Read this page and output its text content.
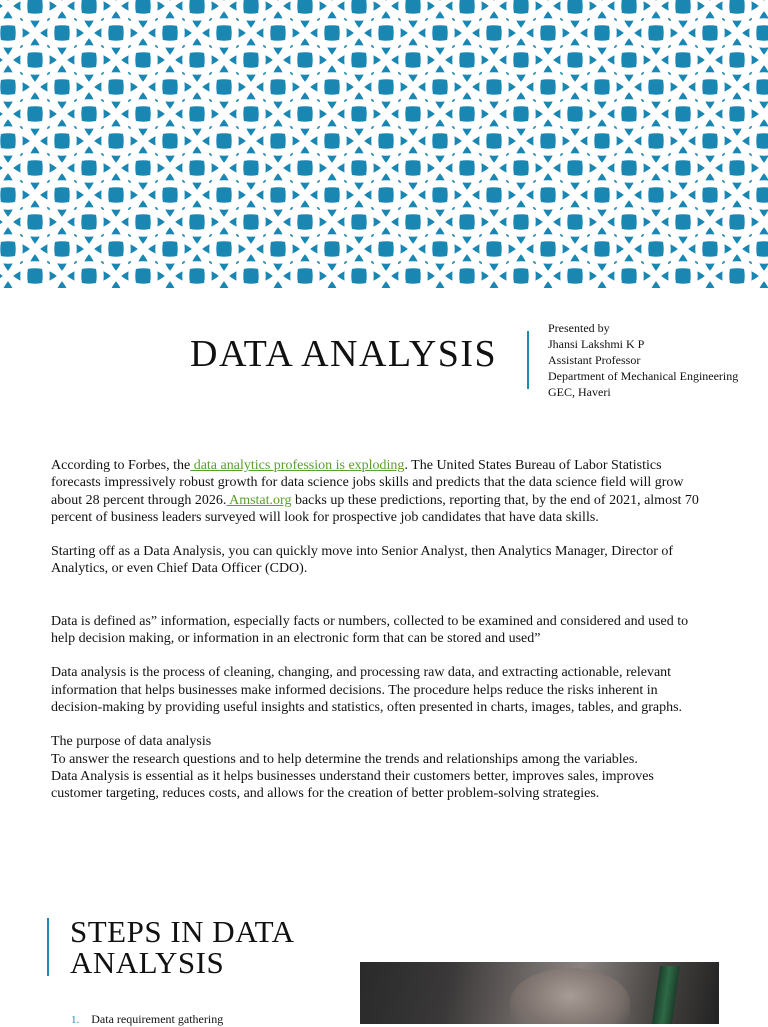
DATA ANALYSIS
Presented by
Jhansi Lakshmi K P
Assistant Professor
Department of Mechanical Engineering
GEC, Haveri

According to Forbes, the data analytics profession is exploding. The United States Bureau of Labor Statistics forecasts impressively robust growth for data science jobs skills and predicts that the data science field will grow about 28 percent through 2026. Amstat.org backs up these predictions, reporting that, by the end of 2021, almost 70 percent of business leaders surveyed will look for prospective job candidates that have data skills.

Starting off as a Data Analysis, you can quickly move into Senior Analyst, then Analytics Manager, Director of Analytics, or even Chief Data Officer (CDO).

Data is defined as” information, especially facts or numbers, collected to be examined and considered and used to help decision making, or information in an electronic form that can be stored and used”

Data analysis is the process of cleaning, changing, and processing raw data, and extracting actionable, relevant information that helps businesses make informed decisions. The procedure helps reduce the risks inherent in decision-making by providing useful insights and statistics, often presented in charts, images, tables, and graphs.

The purpose of data analysis

To answer the research questions and to help determine the trends and relationships among the variables.

Data Analysis is essential as it helps businesses understand their customers better, improves sales, improves customer targeting, reduces costs, and allows for the creation of better problem-solving strategies.

STEPS IN DATA
ANALYSIS
1. Data requirement gathering
